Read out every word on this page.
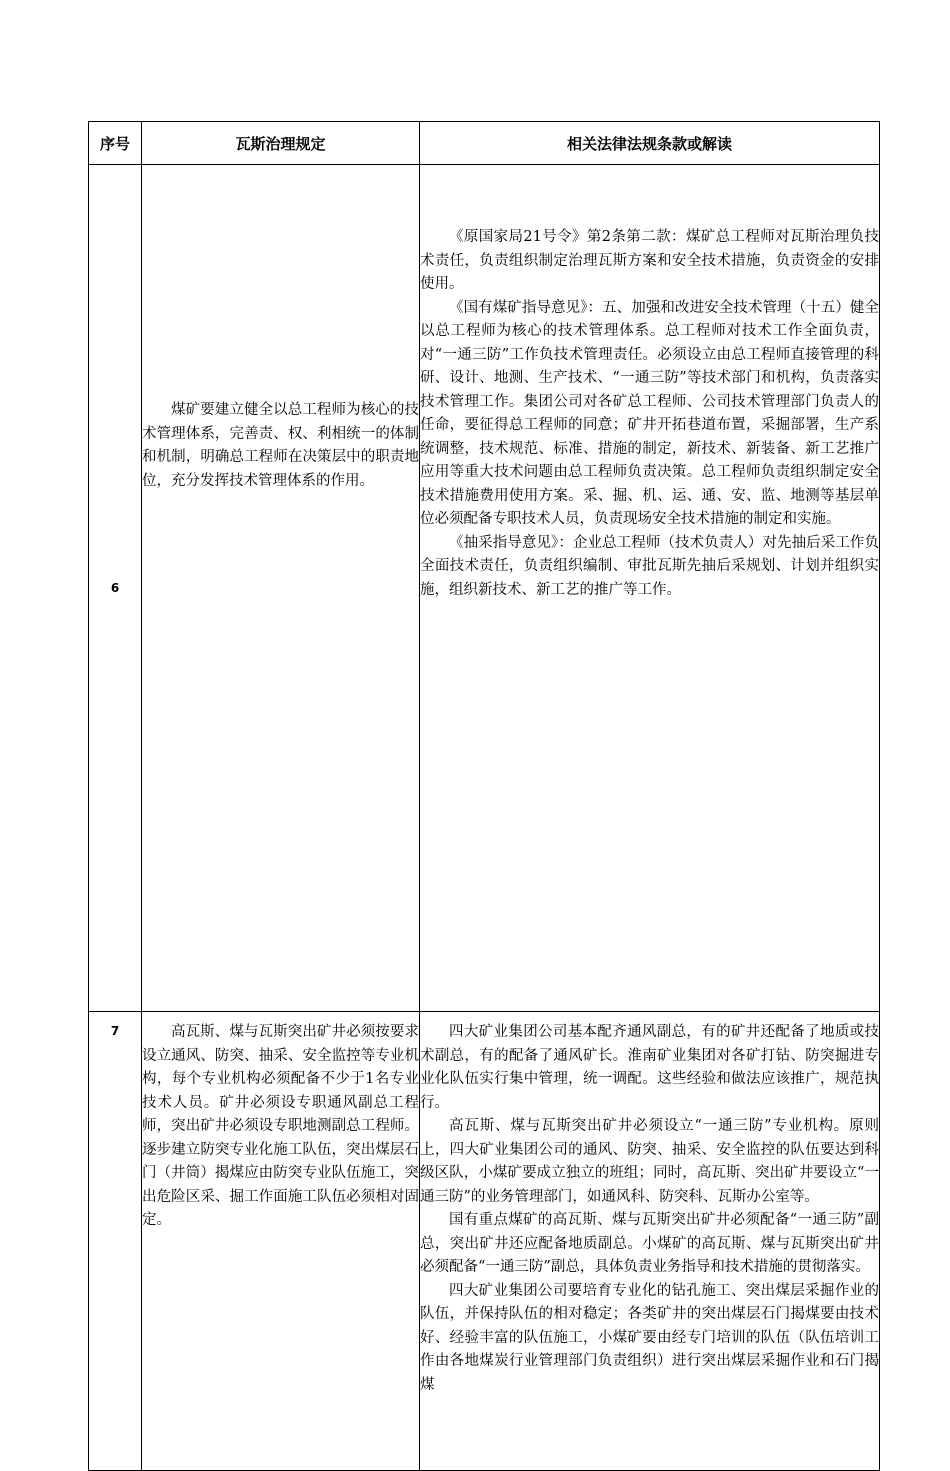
序号	瓦斯治理规定	相关法律法规条款或解读
6	煤矿要建立健全以总工程师为核心的技术管理体系，完善责、权、利相统一的体制和机制，明确总工程师在决策层中的职责地位，充分发挥技术管理体系的作用。	《原国家局21号令》第2条第二款：煤矿总工程师对瓦斯治理负技术责任，负责组织制定治理瓦斯方案和安全技术措施，负责资金的安排使用。

《国有煤矿指导意见》：五、加强和改进安全技术管理（十五）健全以总工程师为核心的技术管理体系。总工程师对技术工作全面负责，对“一通三防”工作负技术管理责任。必须设立由总工程师直接管理的科研、设计、地测、生产技术、“一通三防”等技术部门和机构，负责落实技术管理工作。集团公司对各矿总工程师、公司技术管理部门负责人的任命，要征得总工程师的同意；矿井开拓巷道布置，采掘部署，生产系统调整，技术规范、标准、措施的制定，新技术、新装备、新工艺推广应用等重大技术问题由总工程师负责决策。总工程师负责组织制定安全技术措施费用使用方案。采、掘、机、运、通、安、监、地测等基层单位必须配备专职技术人员，负责现场安全技术措施的制定和实施。

《抽采指导意见》：企业总工程师（技术负责人）对先抽后采工作负全面技术责任，负责组织编制、审批瓦斯先抽后采规划、计划并组织实施，组织新技术、新工艺的推广等工作。

7	高瓦斯、煤与瓦斯突出矿井必须按要求设立通风、防突、抽采、安全监控等专业机构，每个专业机构必须配备不少于1名专业技术人员。矿井必须设专职通风副总工程师，突出矿井必须设专职地测副总工程师。逐步建立防突专业化施工队伍，突出煤层石门（井筒）揭煤应由防突专业队伍施工，突出危险区采、掘工作面施工队伍必须相对固定。	四大矿业集团公司基本配齐通风副总，有的矿井还配备了地质或技术副总，有的配备了通风矿长。淮南矿业集团对各矿打钻、防突掘进专业化队伍实行集中管理，统一调配。这些经验和做法应该推广，规范执行。

高瓦斯、煤与瓦斯突出矿井必须设立“一通三防”专业机构。原则上，四大矿业集团公司的通风、防突、抽采、安全监控的队伍要达到科级区队，小煤矿要成立独立的班组；同时，高瓦斯、突出矿井要设立“一通三防”的业务管理部门，如通风科、防突科、瓦斯办公室等。

国有重点煤矿的高瓦斯、煤与瓦斯突出矿井必须配备“一通三防”副总，突出矿井还应配备地质副总。小煤矿的高瓦斯、煤与瓦斯突出矿井必须配备“一通三防”副总，具体负责业务指导和技术措施的贯彻落实。

四大矿业集团公司要培育专业化的钻孔施工、突出煤层采掘作业的队伍，并保持队伍的相对稳定；各类矿井的突出煤层石门揭煤要由技术好、经验丰富的队伍施工，小煤矿要由经专门培训的队伍（队伍培训工作由各地煤炭行业管理部门负责组织）进行突出煤层采掘作业和石门揭煤
